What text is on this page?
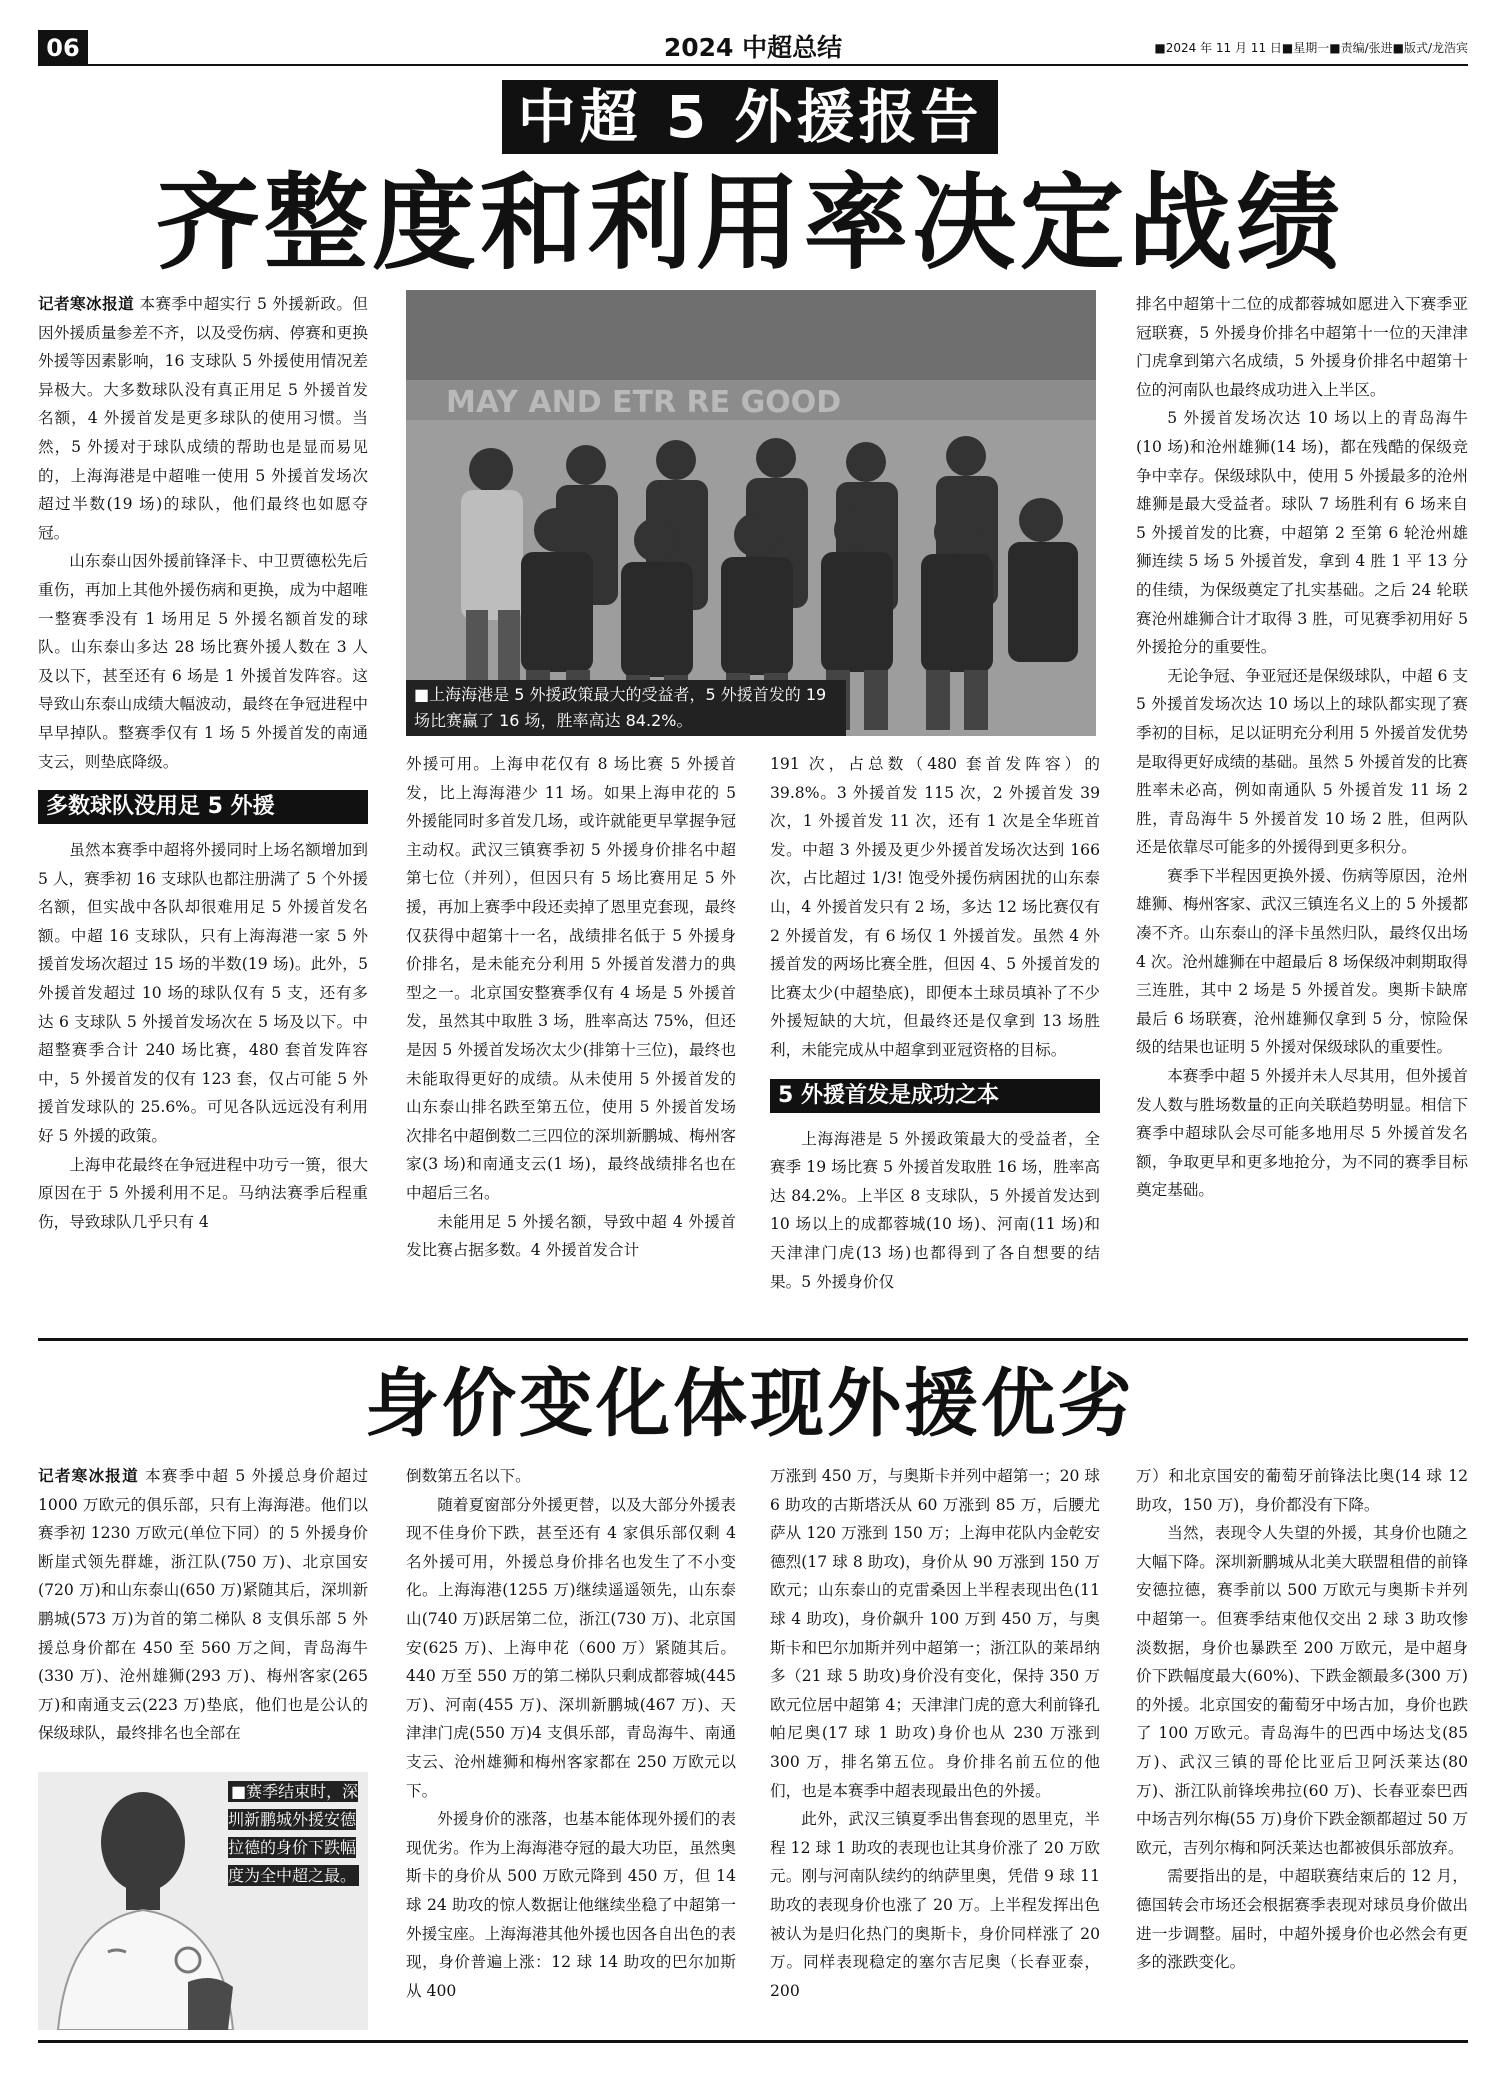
06	2024 中超总结	■2024 年 11 月 11 日■星期一■责编/张进■版式/龙浩宾
中超 5 外援报告
齐整度和利用率决定战绩

记者寒冰报道 本赛季中超实行 5 外援新政。但因外援质量参差不齐，以及受伤病、停赛和更换外援等因素影响，16 支球队 5 外援使用情况差异极大。大多数球队没有真正用足 5 外援首发名额，4 外援首发是更多球队的使用习惯。当然，5 外援对于球队成绩的帮助也是显而易见的，上海海港是中超唯一使用 5 外援首发场次超过半数(19 场)的球队，他们最终也如愿夺冠。

山东泰山因外援前锋泽卡、中卫贾德松先后重伤，再加上其他外援伤病和更换，成为中超唯一整赛季没有 1 场用足 5 外援名额首发的球队。山东泰山多达 28 场比赛外援人数在 3 人及以下，甚至还有 6 场是 1 外援首发阵容。这导致山东泰山成绩大幅波动，最终在争冠进程中早早掉队。整赛季仅有 1 场 5 外援首发的南通支云，则垫底降级。

多数球队没用足 5 外援

虽然本赛季中超将外援同时上场名额增加到 5 人，赛季初 16 支球队也都注册满了 5 个外援名额，但实战中各队却很难用足 5 外援首发名额。中超 16 支球队，只有上海海港一家 5 外援首发场次超过 15 场的半数(19 场)。此外，5 外援首发超过 10 场的球队仅有 5 支，还有多达 6 支球队 5 外援首发场次在 5 场及以下。中超整赛季合计 240 场比赛，480 套首发阵容中，5 外援首发的仅有 123 套，仅占可能 5 外援首发球队的 25.6%。可见各队远远没有利用好 5 外援的政策。

上海申花最终在争冠进程中功亏一篑，很大原因在于 5 外援利用不足。马纳法赛季后程重伤，导致球队几乎只有 4

MAY AND ETR RE GOOD
■上海海港是 5 外援政策最大的受益者，5 外援首发的 19 场比赛赢了 16 场，胜率高达 84.2%。

外援可用。上海申花仅有 8 场比赛 5 外援首发，比上海海港少 11 场。如果上海申花的 5 外援能同时多首发几场，或许就能更早掌握争冠主动权。武汉三镇赛季初 5 外援身价排名中超第七位（并列），但因只有 5 场比赛用足 5 外援，再加上赛季中段还卖掉了恩里克套现，最终仅获得中超第十一名，战绩排名低于 5 外援身价排名，是未能充分利用 5 外援首发潜力的典型之一。北京国安整赛季仅有 4 场是 5 外援首发，虽然其中取胜 3 场，胜率高达 75%，但还是因 5 外援首发场次太少(排第十三位)，最终也未能取得更好的成绩。从未使用 5 外援首发的山东泰山排名跌至第五位，使用 5 外援首发场次排名中超倒数二三四位的深圳新鹏城、梅州客家(3 场)和南通支云(1 场)，最终战绩排名也在中超后三名。

未能用足 5 外援名额，导致中超 4 外援首发比赛占据多数。4 外援首发合计

191 次，占总数（480 套首发阵容）的 39.8%。3 外援首发 115 次，2 外援首发 39 次，1 外援首发 11 次，还有 1 次是全华班首发。中超 3 外援及更少外援首发场次达到 166 次，占比超过 1/3! 饱受外援伤病困扰的山东泰山，4 外援首发只有 2 场，多达 12 场比赛仅有 2 外援首发，有 6 场仅 1 外援首发。虽然 4 外援首发的两场比赛全胜，但因 4、5 外援首发的比赛太少(中超垫底)，即便本土球员填补了不少外援短缺的大坑，但最终还是仅拿到 13 场胜利，未能完成从中超拿到亚冠资格的目标。

5 外援首发是成功之本

上海海港是 5 外援政策最大的受益者，全赛季 19 场比赛 5 外援首发取胜 16 场，胜率高达 84.2%。上半区 8 支球队，5 外援首发达到 10 场以上的成都蓉城(10 场)、河南(11 场)和天津津门虎(13 场)也都得到了各自想要的结果。5 外援身价仅

排名中超第十二位的成都蓉城如愿进入下赛季亚冠联赛，5 外援身价排名中超第十一位的天津津门虎拿到第六名成绩，5 外援身价排名中超第十位的河南队也最终成功进入上半区。

5 外援首发场次达 10 场以上的青岛海牛(10 场)和沧州雄狮(14 场)，都在残酷的保级竞争中幸存。保级球队中，使用 5 外援最多的沧州雄狮是最大受益者。球队 7 场胜利有 6 场来自 5 外援首发的比赛，中超第 2 至第 6 轮沧州雄狮连续 5 场 5 外援首发，拿到 4 胜 1 平 13 分的佳绩，为保级奠定了扎实基础。之后 24 轮联赛沧州雄狮合计才取得 3 胜，可见赛季初用好 5 外援抢分的重要性。

无论争冠、争亚冠还是保级球队，中超 6 支 5 外援首发场次达 10 场以上的球队都实现了赛季初的目标，足以证明充分利用 5 外援首发优势是取得更好成绩的基础。虽然 5 外援首发的比赛胜率未必高，例如南通队 5 外援首发 11 场 2 胜，青岛海牛 5 外援首发 10 场 2 胜，但两队还是依靠尽可能多的外援得到更多积分。

赛季下半程因更换外援、伤病等原因，沧州雄狮、梅州客家、武汉三镇连名义上的 5 外援都凑不齐。山东泰山的泽卡虽然归队，最终仅出场 4 次。沧州雄狮在中超最后 8 场保级冲刺期取得三连胜，其中 2 场是 5 外援首发。奥斯卡缺席最后 6 场联赛，沧州雄狮仅拿到 5 分，惊险保级的结果也证明 5 外援对保级球队的重要性。

本赛季中超 5 外援并未人尽其用，但外援首发人数与胜场数量的正向关联趋势明显。相信下赛季中超球队会尽可能多地用尽 5 外援首发名额，争取更早和更多地抢分，为不同的赛季目标奠定基础。

身价变化体现外援优劣

记者寒冰报道 本赛季中超 5 外援总身价超过 1000 万欧元的俱乐部，只有上海海港。他们以赛季初 1230 万欧元(单位下同）的 5 外援身价断崖式领先群雄，浙江队(750 万)、北京国安(720 万)和山东泰山(650 万)紧随其后，深圳新鹏城(573 万)为首的第二梯队 8 支俱乐部 5 外援总身价都在 450 至 560 万之间，青岛海牛(330 万)、沧州雄狮(293 万)、梅州客家(265 万)和南通支云(223 万)垫底，他们也是公认的保级球队，最终排名也全部在

■赛季结束时，深圳新鹏城外援安德拉德的身价下跌幅度为全中超之最。

倒数第五名以下。

随着夏窗部分外援更替，以及大部分外援表现不佳身价下跌，甚至还有 4 家俱乐部仅剩 4 名外援可用，外援总身价排名也发生了不小变化。上海海港(1255 万)继续遥遥领先，山东泰山(740 万)跃居第二位，浙江(730 万)、北京国安(625 万)、上海申花（600 万）紧随其后。440 万至 550 万的第二梯队只剩成都蓉城(445 万)、河南(455 万)、深圳新鹏城(467 万)、天津津门虎(550 万)4 支俱乐部，青岛海牛、南通支云、沧州雄狮和梅州客家都在 250 万欧元以下。

外援身价的涨落，也基本能体现外援们的表现优劣。作为上海海港夺冠的最大功臣，虽然奥斯卡的身价从 500 万欧元降到 450 万，但 14 球 24 助攻的惊人数据让他继续坐稳了中超第一外援宝座。上海海港其他外援也因各自出色的表现，身价普遍上涨：12 球 14 助攻的巴尔加斯从 400

万涨到 450 万，与奥斯卡并列中超第一；20 球 6 助攻的古斯塔沃从 60 万涨到 85 万，后腰尤萨从 120 万涨到 150 万；上海申花队内金乾安德烈(17 球 8 助攻)，身价从 90 万涨到 150 万欧元；山东泰山的克雷桑因上半程表现出色(11 球 4 助攻)，身价飙升 100 万到 450 万，与奥斯卡和巴尔加斯并列中超第一；浙江队的莱昂纳多（21 球 5 助攻)身价没有变化，保持 350 万欧元位居中超第 4；天津津门虎的意大利前锋孔帕尼奥(17 球 1 助攻)身价也从 230 万涨到 300 万，排名第五位。身价排名前五位的他们，也是本赛季中超表现最出色的外援。

此外，武汉三镇夏季出售套现的恩里克，半程 12 球 1 助攻的表现也让其身价涨了 20 万欧元。刚与河南队续约的纳萨里奥，凭借 9 球 11 助攻的表现身价也涨了 20 万。上半程发挥出色被认为是归化热门的奥斯卡，身价同样涨了 20 万。同样表现稳定的塞尔吉尼奥（长春亚泰，200

万）和北京国安的葡萄牙前锋法比奥(14 球 12 助攻，150 万)，身价都没有下降。

当然，表现令人失望的外援，其身价也随之大幅下降。深圳新鹏城从北美大联盟租借的前锋安德拉德，赛季前以 500 万欧元与奥斯卡并列中超第一。但赛季结束他仅交出 2 球 3 助攻惨淡数据，身价也暴跌至 200 万欧元，是中超身价下跌幅度最大(60%)、下跌金额最多(300 万)的外援。北京国安的葡萄牙中场古加，身价也跌了 100 万欧元。青岛海牛的巴西中场达戈(85 万)、武汉三镇的哥伦比亚后卫阿沃莱达(80 万)、浙江队前锋埃弗拉(60 万)、长春亚泰巴西中场吉列尔梅(55 万)身价下跌金额都超过 50 万欧元，吉列尔梅和阿沃莱达也都被俱乐部放弃。

需要指出的是，中超联赛结束后的 12 月，德国转会市场还会根据赛季表现对球员身价做出进一步调整。届时，中超外援身价也必然会有更多的涨跌变化。
